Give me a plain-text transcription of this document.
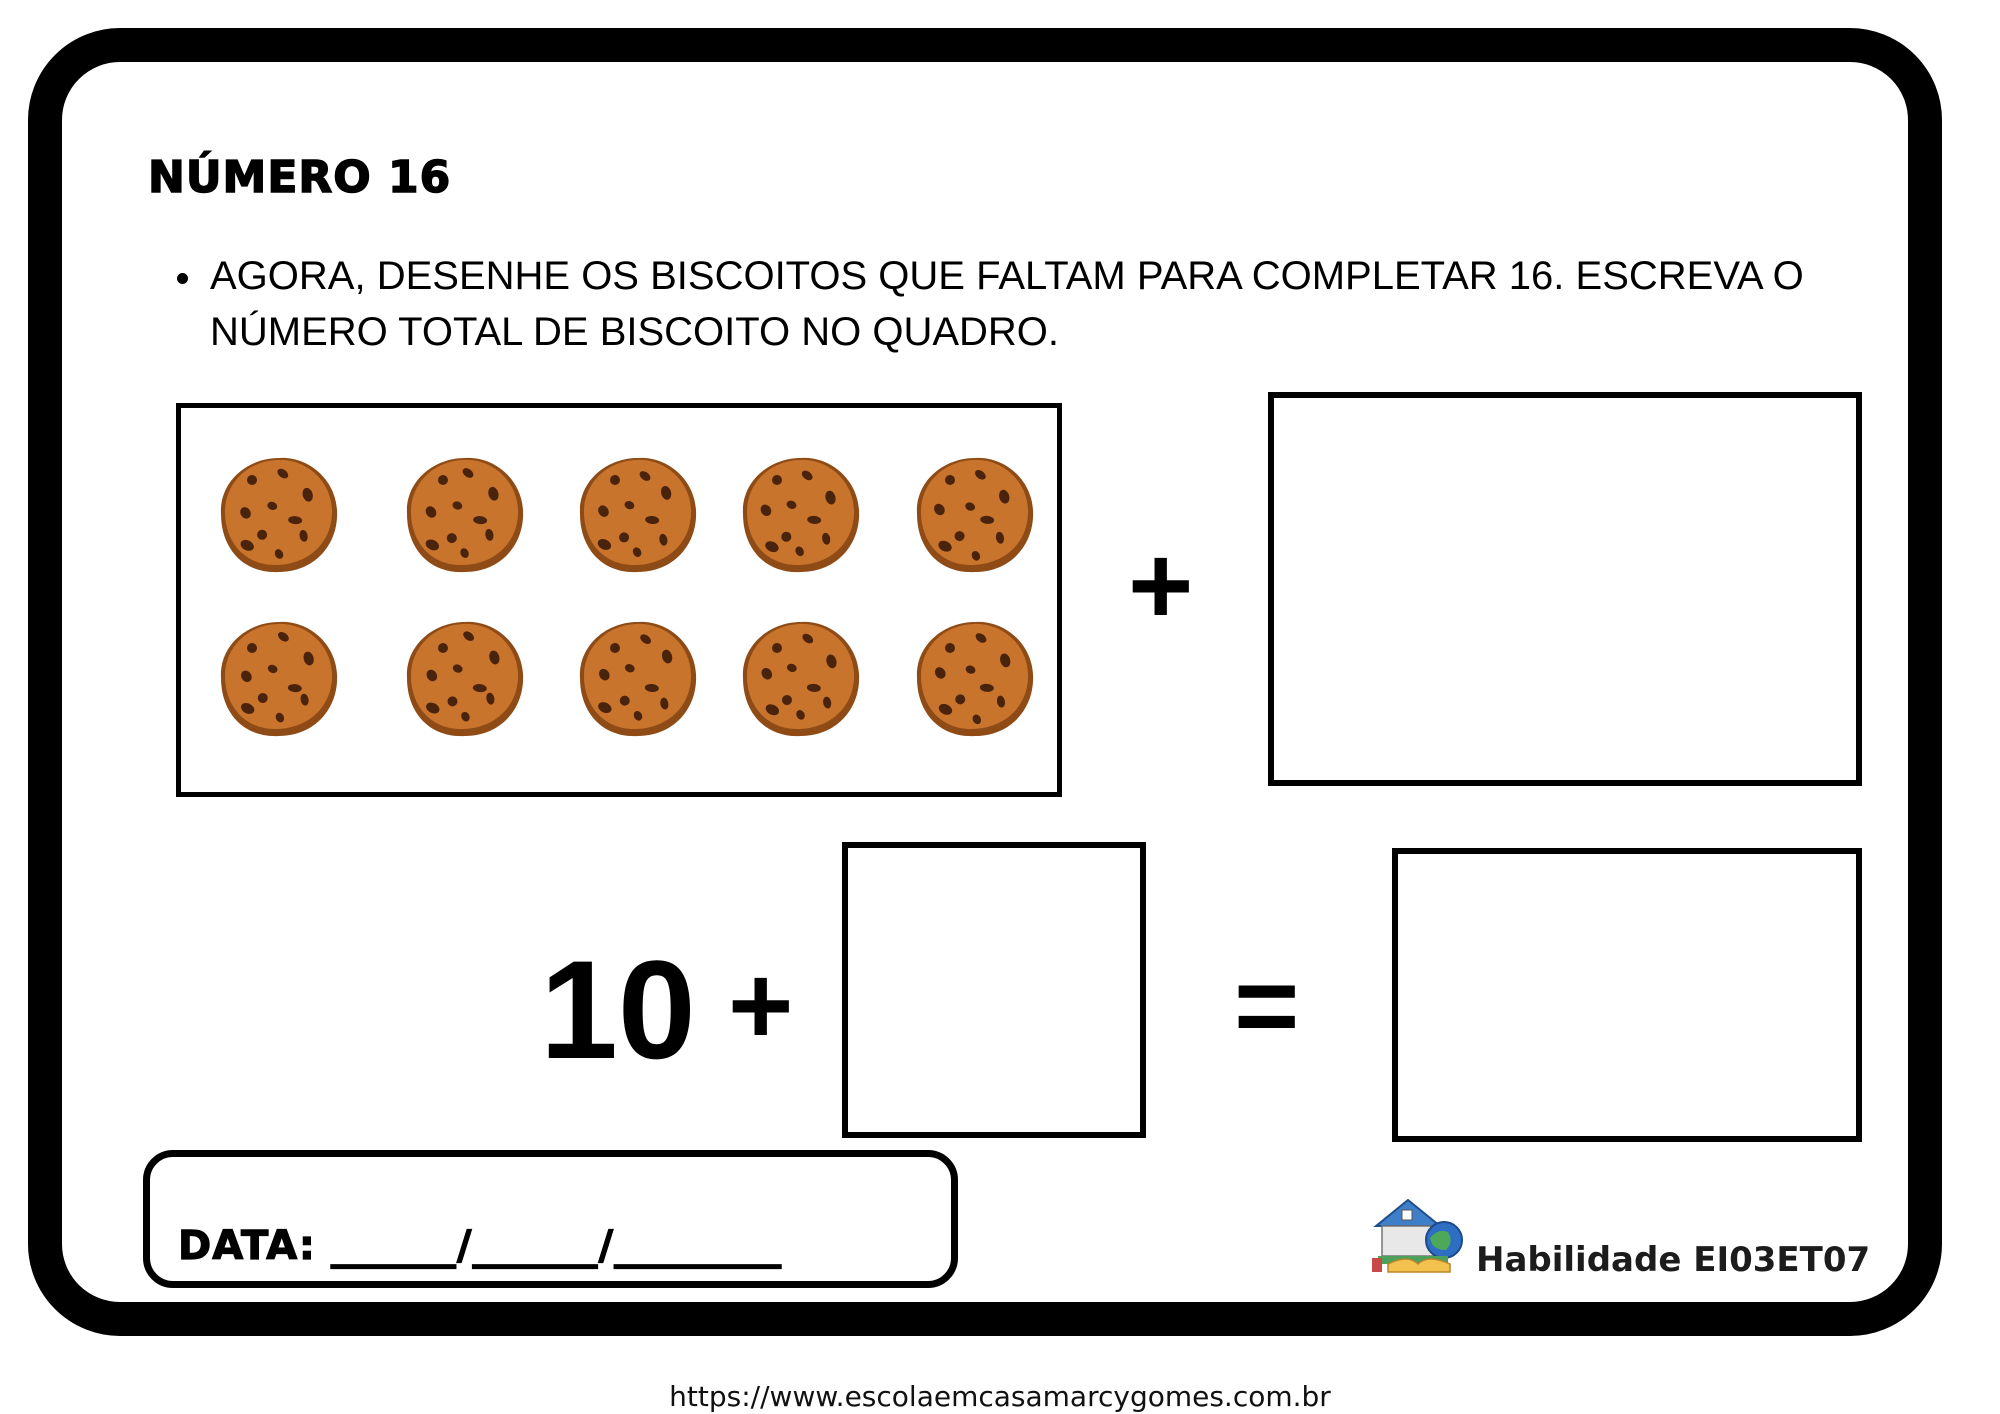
NÚMERO 16
AGORA, DESENHE OS BISCOITOS QUE FALTAM PARA COMPLETAR 16. ESCREVA O
NÚMERO TOTAL DE BISCOITO NO QUADRO.
+
10 +	=
DATA: ______/______/________	Habilidade EI03ET07
https://www.escolaemcasamarcygomes.com.br
